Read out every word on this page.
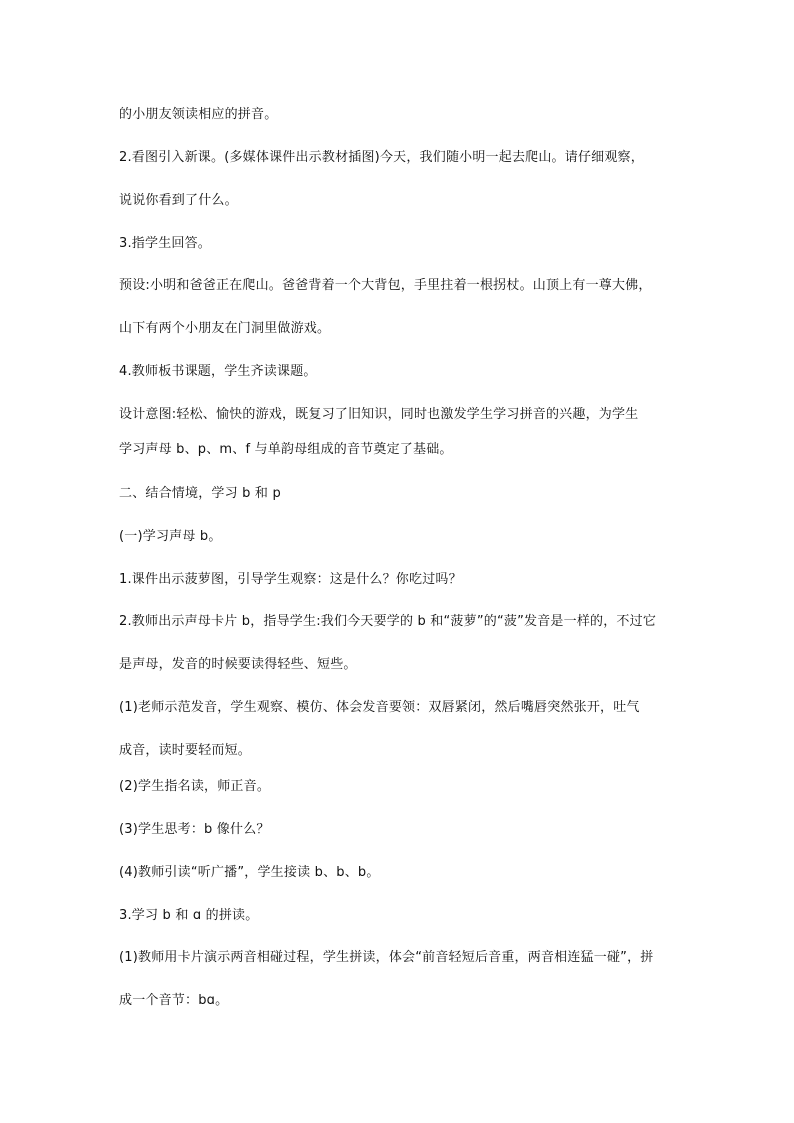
的小朋友领读相应的拼音。
2.看图引入新课。(多媒体课件出示教材插图)今天，我们随小明一起去爬山。请仔细观察，
说说你看到了什么。
3.指学生回答。
预设:小明和爸爸正在爬山。爸爸背着一个大背包，手里拄着一根拐杖。山顶上有一尊大佛，
山下有两个小朋友在门洞里做游戏。
4.教师板书课题，学生齐读课题。
设计意图:轻松、愉快的游戏，既复习了旧知识，同时也激发学生学习拼音的兴趣，为学生
学习声母 b、p、m、f 与单韵母组成的音节奠定了基础。
二、结合情境，学习 b 和 p
(一)学习声母 b。
1.课件出示菠萝图，引导学生观察：这是什么？你吃过吗？
2.教师出示声母卡片 b，指导学生:我们今天要学的 b 和“菠萝”的“菠”发音是一样的，不过它
是声母，发音的时候要读得轻些、短些。
(1)老师示范发音，学生观察、模仿、体会发音要领：双唇紧闭，然后嘴唇突然张开，吐气
成音，读时要轻而短。
(2)学生指名读，师正音。
(3)学生思考：b 像什么？
(4)教师引读“听广播”，学生接读 b、b、b。
3.学习 b 和 ɑ 的拼读。
(1)教师用卡片演示两音相碰过程，学生拼读，体会“前音轻短后音重，两音相连猛一碰”，拼
成一个音节：bɑ。
